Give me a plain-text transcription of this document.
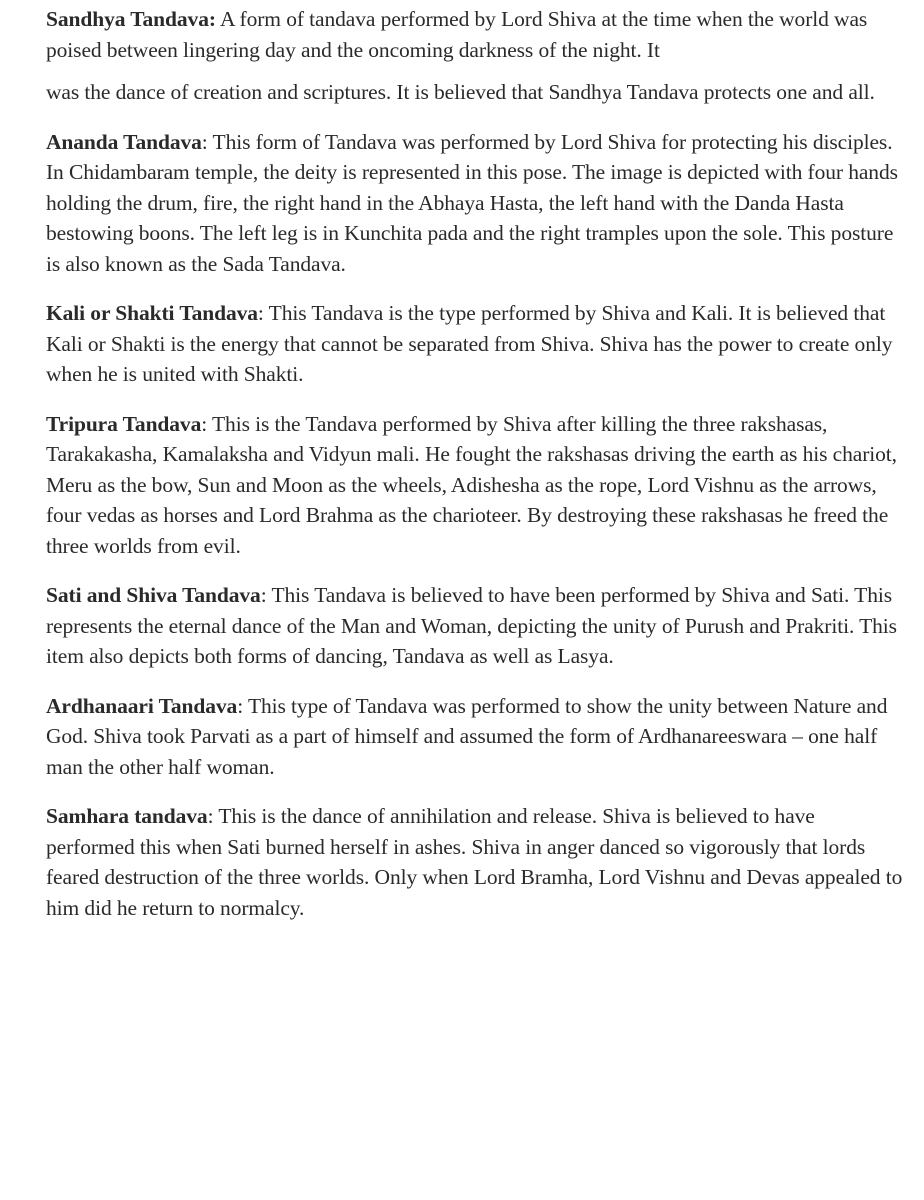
Sandhya Tandava: A form of tandava performed by Lord Shiva at the time when the world was poised between lingering day and the oncoming darkness of the night. It

was the dance of creation and scriptures. It is believed that Sandhya Tandava protects one and all.

Ananda Tandava: This form of Tandava was performed by Lord Shiva for protecting his disciples. In Chidambaram temple, the deity is represented in this pose. The image is depicted with four hands holding the drum, fire, the right hand in the Abhaya Hasta, the left hand with the Danda Hasta bestowing boons. The left leg is in Kunchita pada and the right tramples upon the sole. This posture is also known as the Sada Tandava.

Kali or Shakti Tandava: This Tandava is the type performed by Shiva and Kali. It is believed that Kali or Shakti is the energy that cannot be separated from Shiva. Shiva has the power to create only when he is united with Shakti.

Tripura Tandava: This is the Tandava performed by Shiva after killing the three rakshasas, Tarakakasha, Kamalaksha and Vidyun mali. He fought the rakshasas driving the earth as his chariot, Meru as the bow, Sun and Moon as the wheels, Adishesha as the rope, Lord Vishnu as the arrows, four vedas as horses and Lord Brahma as the charioteer. By destroying these rakshasas he freed the three worlds from evil.

Sati and Shiva Tandava: This Tandava is believed to have been performed by Shiva and Sati. This represents the eternal dance of the Man and Woman, depicting the unity of Purush and Prakriti. This item also depicts both forms of dancing, Tandava as well as Lasya.

Ardhanaari Tandava: This type of Tandava was performed to show the unity between Nature and God. Shiva took Parvati as a part of himself and assumed the form of Ardhanareeswara – one half man the other half woman.

Samhara tandava: This is the dance of annihilation and release. Shiva is believed to have performed this when Sati burned herself in ashes. Shiva in anger danced so vigorously that lords feared destruction of the three worlds. Only when Lord Bramha, Lord Vishnu and Devas appealed to him did he return to normalcy.
